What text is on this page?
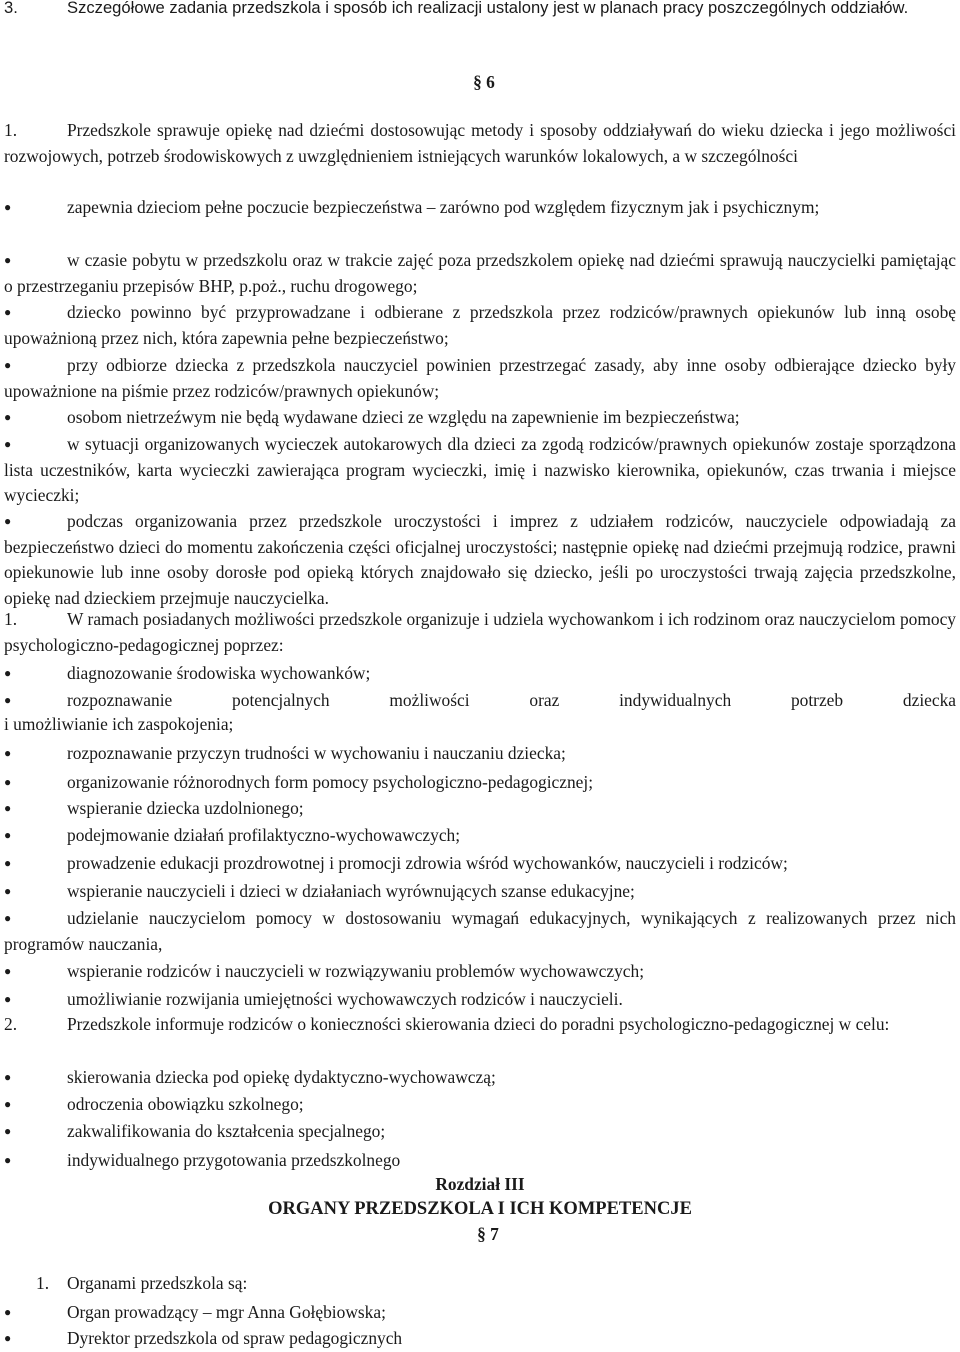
3.	Szczegółowe zadania przedszkola i sposób ich realizacji ustalony jest w planach pracy poszczególnych oddziałów.

§ 6

1.	Przedszkole sprawuje opiekę nad dziećmi dostosowując metody i sposoby oddziaływań do wieku dziecka i jego możliwości rozwojowych, potrzeb środowiskowych z uwzględnieniem istniejących warunków lokalowych, a w szczególności

●	zapewnia dzieciom pełne poczucie bezpieczeństwa – zarówno pod względem fizycznym jak i psychicznym;

●	w czasie pobytu w przedszkolu oraz w trakcie zajęć poza przedszkolem opiekę nad dziećmi sprawują nauczycielki pamiętając o przestrzeganiu przepisów BHP, p.poż., ruchu drogowego;

●	dziecko powinno być przyprowadzane i odbierane z przedszkola przez rodziców/prawnych opiekunów lub inną osobę upoważnioną przez nich, która zapewnia pełne bezpieczeństwo;

●	przy odbiorze dziecka z przedszkola nauczyciel powinien przestrzegać zasady, aby inne osoby odbierające dziecko były upoważnione na piśmie przez rodziców/prawnych opiekunów;

●	osobom nietrzeźwym nie będą wydawane dzieci ze względu na zapewnienie im bezpieczeństwa;

●	w sytuacji organizowanych wycieczek autokarowych dla dzieci za zgodą rodziców/prawnych opiekunów zostaje sporządzona lista uczestników, karta wycieczki zawierająca program wycieczki, imię i nazwisko kierownika, opiekunów, czas trwania i miejsce wycieczki;

●	podczas organizowania przez przedszkole uroczystości i imprez z udziałem rodziców, nauczyciele odpowiadają za bezpieczeństwo dzieci do momentu zakończenia części oficjalnej uroczystości; następnie opiekę nad dziećmi przejmują rodzice, prawni opiekunowie lub inne osoby dorosłe pod opieką których znajdowało się dziecko, jeśli po uroczystości trwają zajęcia przedszkolne, opiekę nad dzieckiem przejmuje nauczycielka.

1.	W ramach posiadanych możliwości przedszkole organizuje i udziela wychowankom i ich rodzinom oraz nauczycielom pomocy psychologiczno-pedagogicznej poprzez:

●	diagnozowanie środowiska wychowanków;

●	rozpoznawanie potencjalnych możliwości oraz indywidualnych potrzeb dziecka

i umożliwianie ich zaspokojenia;

●	rozpoznawanie przyczyn trudności w wychowaniu i nauczaniu dziecka;

●	organizowanie różnorodnych form pomocy psychologiczno-pedagogicznej;

●	wspieranie dziecka uzdolnionego;

●	podejmowanie działań profilaktyczno-wychowawczych;

●	prowadzenie edukacji prozdrowotnej i promocji zdrowia wśród wychowanków, nauczycieli i rodziców;

●	wspieranie nauczycieli i dzieci w działaniach wyrównujących szanse edukacyjne;

●	udzielanie nauczycielom pomocy w dostosowaniu wymagań edukacyjnych, wynikających z realizowanych przez nich programów nauczania,

●	wspieranie rodziców i nauczycieli w rozwiązywaniu problemów wychowawczych;

●	umożliwianie rozwijania umiejętności wychowawczych rodziców i nauczycieli.

2.	Przedszkole informuje rodziców o konieczności skierowania dzieci do poradni psychologiczno-pedagogicznej w celu:

●	skierowania dziecka pod opiekę dydaktyczno-wychowawczą;

●	odroczenia obowiązku szkolnego;

●	zakwalifikowania do kształcenia specjalnego;

●	indywidualnego przygotowania przedszkolnego

Rozdział III
ORGANY PRZEDSZKOLA I ICH KOMPETENCJE
§ 7

1. Organami przedszkola są:

●	Organ prowadzący – mgr Anna Gołębiowska;

●	Dyrektor przedszkola od spraw pedagogicznych
